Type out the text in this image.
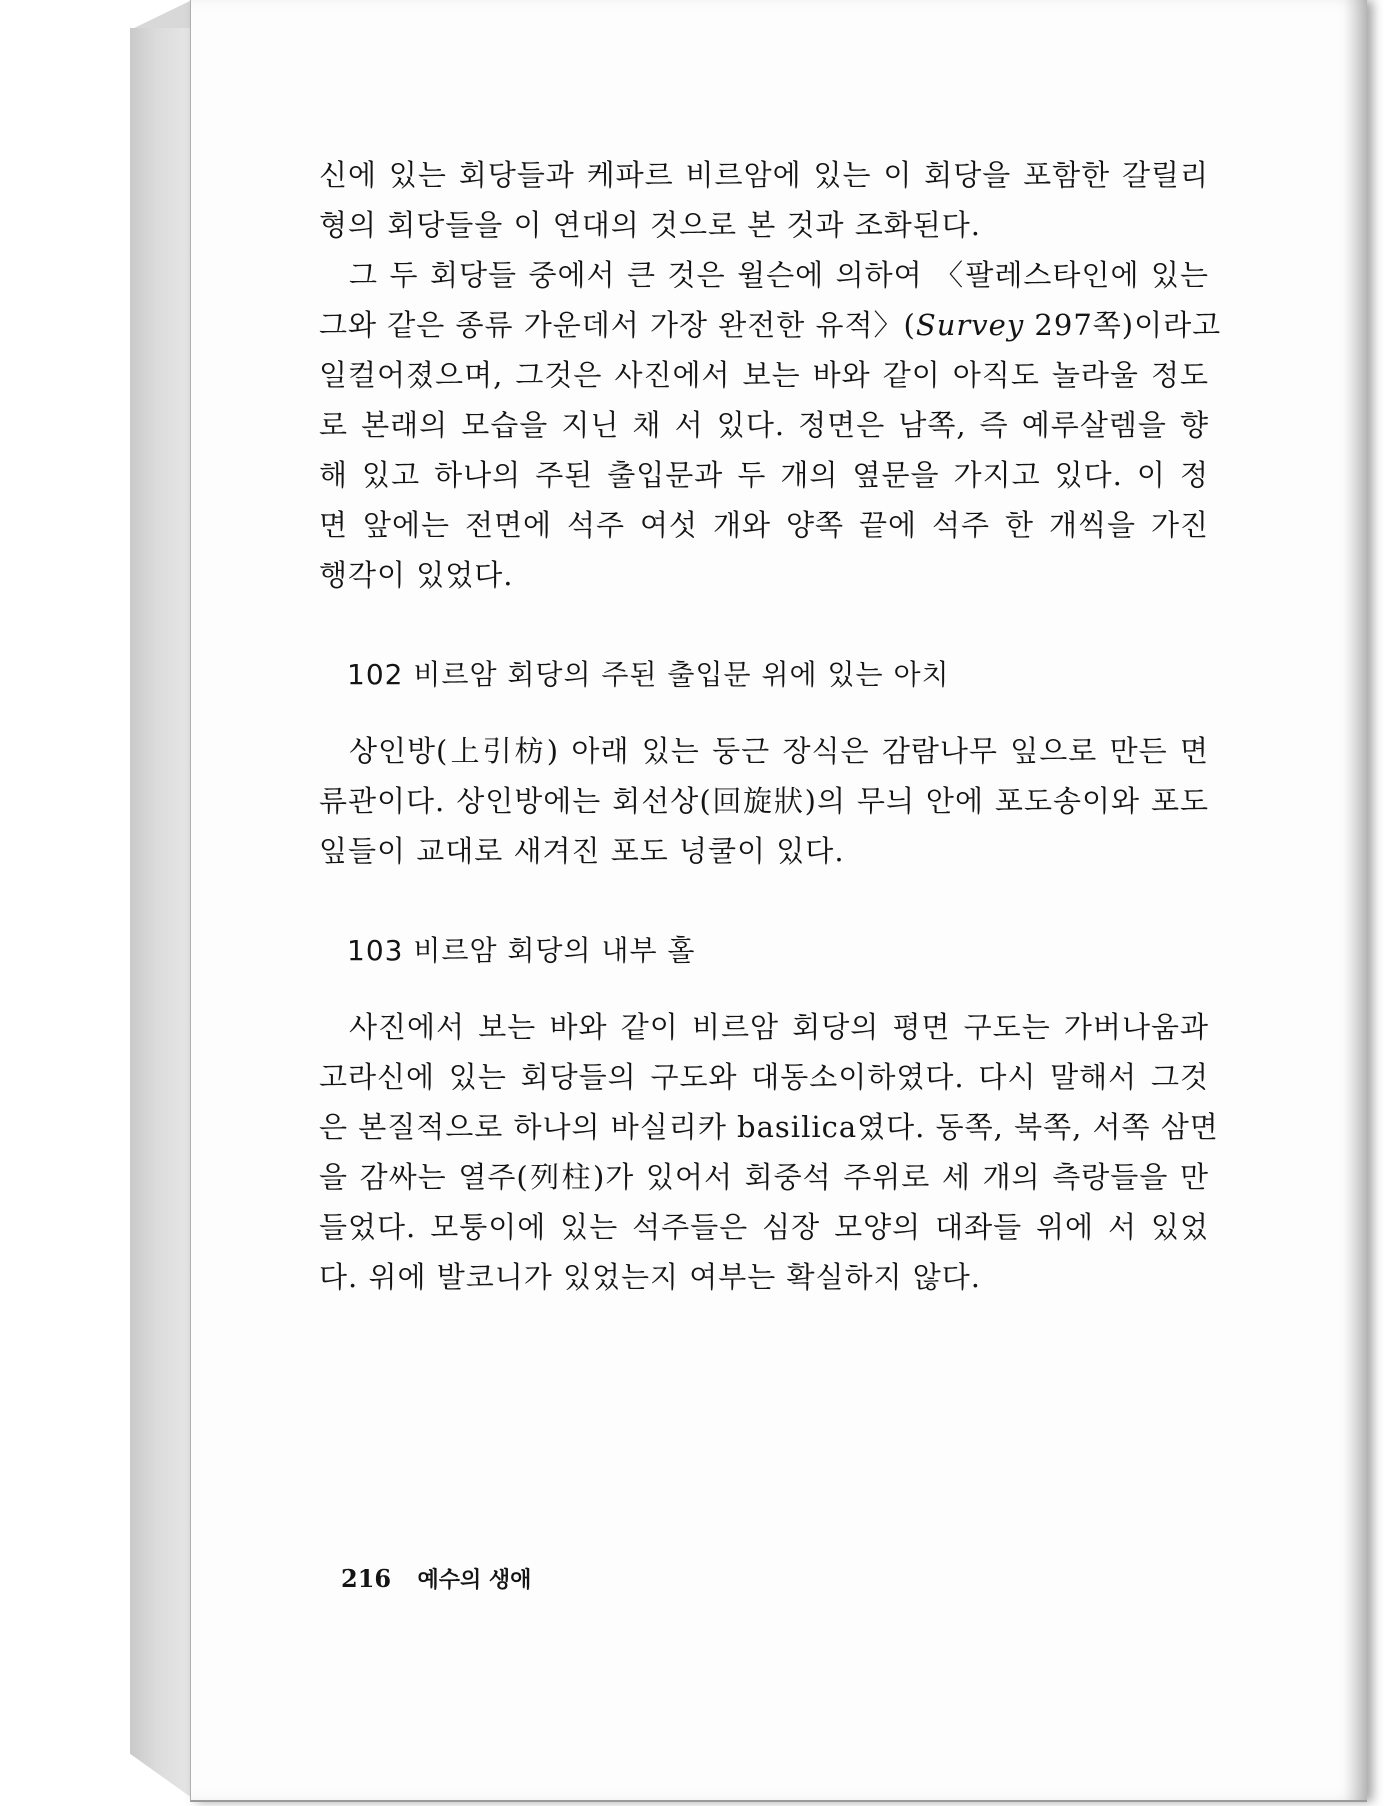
신에 있는 회당들과 케파르 비르암에 있는 이 회당을 포함한 갈릴리
형의 회당들을 이 연대의 것으로 본 것과 조화된다.

그 두 회당들 중에서 큰 것은 윌슨에 의하여 〈팔레스타인에 있는
그와 같은 종류 가운데서 가장 완전한 유적〉(Survey 297쪽)이라고
일컬어졌으며, 그것은 사진에서 보는 바와 같이 아직도 놀라울 정도
로 본래의 모습을 지닌 채 서 있다. 정면은 남쪽, 즉 예루살렘을 향
해 있고 하나의 주된 출입문과 두 개의 옆문을 가지고 있다. 이 정
면 앞에는 전면에 석주 여섯 개와 양쪽 끝에 석주 한 개씩을 가진
행각이 있었다.

102 비르암 회당의 주된 출입문 위에 있는 아치

상인방(上引枋) 아래 있는 둥근 장식은 감람나무 잎으로 만든 면
류관이다. 상인방에는 회선상(回旋狀)의 무늬 안에 포도송이와 포도
잎들이 교대로 새겨진 포도 넝쿨이 있다.

103 비르암 회당의 내부 홀

사진에서 보는 바와 같이 비르암 회당의 평면 구도는 가버나움과
고라신에 있는 회당들의 구도와 대동소이하였다. 다시 말해서 그것
은 본질적으로 하나의 바실리카 basilica였다. 동쪽, 북쪽, 서쪽 삼면
을 감싸는 열주(列柱)가 있어서 회중석 주위로 세 개의 측랑들을 만
들었다. 모퉁이에 있는 석주들은 심장 모양의 대좌들 위에 서 있었
다. 위에 발코니가 있었는지 여부는 확실하지 않다.

216 예수의 생애
